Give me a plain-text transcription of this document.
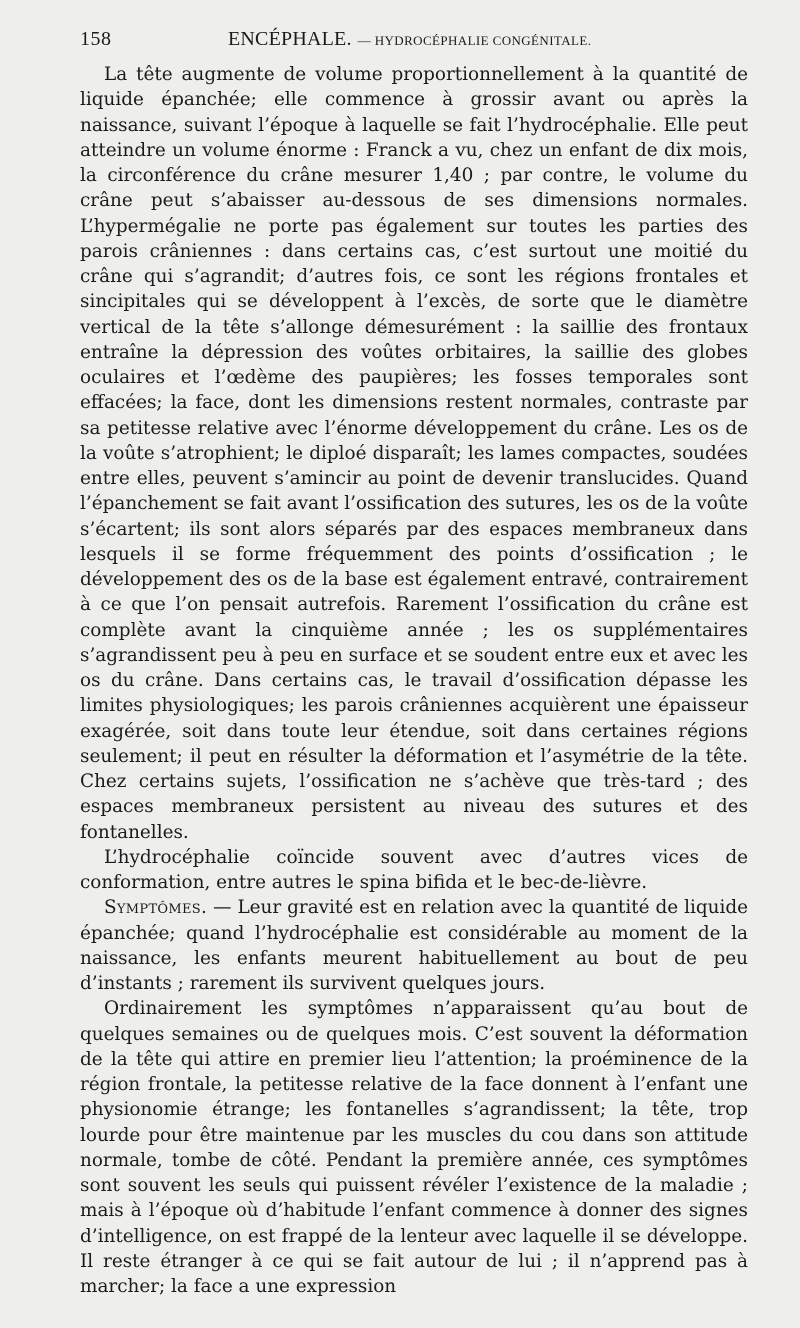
158	ENCÉPHALE. — HYDROCÉPHALIE CONGÉNITALE.

La tête augmente de volume proportionnellement à la quantité de liquide épanchée; elle commence à grossir avant ou après la naissance, suivant l’époque à laquelle se fait l’hydrocéphalie. Elle peut atteindre un volume énorme : Franck a vu, chez un enfant de dix mois, la circonférence du crâne mesurer 1,40 ; par contre, le volume du crâne peut s’abaisser au-dessous de ses dimensions normales. L’hypermégalie ne porte pas également sur toutes les parties des parois crâniennes : dans certains cas, c’est surtout une moitié du crâne qui s’agrandit; d’autres fois, ce sont les régions frontales et sincipitales qui se développent à l’excès, de sorte que le diamètre vertical de la tête s’allonge démesurément : la saillie des frontaux entraîne la dépression des voûtes orbitaires, la saillie des globes oculaires et l’œdème des paupières; les fosses temporales sont effacées; la face, dont les dimensions restent normales, contraste par sa petitesse relative avec l’énorme développement du crâne. Les os de la voûte s’atrophient; le diploé disparaît; les lames compactes, soudées entre elles, peuvent s’amincir au point de devenir translucides. Quand l’épanchement se fait avant l’ossification des sutures, les os de la voûte s’écartent; ils sont alors séparés par des espaces membraneux dans lesquels il se forme fréquemment des points d’ossification ; le développement des os de la base est également entravé, contrairement à ce que l’on pensait autrefois. Rarement l’ossification du crâne est complète avant la cinquième année ; les os supplémentaires s’agrandissent peu à peu en surface et se soudent entre eux et avec les os du crâne. Dans certains cas, le travail d’ossification dépasse les limites physiologiques; les parois crâniennes acquièrent une épaisseur exagérée, soit dans toute leur étendue, soit dans certaines régions seulement; il peut en résulter la déformation et l’asymétrie de la tête. Chez certains sujets, l’ossification ne s’achève que très-tard ; des espaces membraneux persistent au niveau des sutures et des fontanelles.

L’hydrocéphalie coïncide souvent avec d’autres vices de conformation, entre autres le spina bifida et le bec-de-lièvre.

Symptômes. — Leur gravité est en relation avec la quantité de liquide épanchée; quand l’hydrocéphalie est considérable au moment de la naissance, les enfants meurent habituellement au bout de peu d’instants ; rarement ils survivent quelques jours.

Ordinairement les symptômes n’apparaissent qu’au bout de quelques semaines ou de quelques mois. C’est souvent la déformation de la tête qui attire en premier lieu l’attention; la proéminence de la région frontale, la petitesse relative de la face donnent à l’enfant une physionomie étrange; les fontanelles s’agrandissent; la tête, trop lourde pour être maintenue par les muscles du cou dans son attitude normale, tombe de côté. Pendant la première année, ces symptômes sont souvent les seuls qui puissent révéler l’existence de la maladie ; mais à l’époque où d’habitude l’enfant commence à donner des signes d’intelligence, on est frappé de la lenteur avec laquelle il se développe. Il reste étranger à ce qui se fait autour de lui ; il n’apprend pas à marcher; la face a une expression
